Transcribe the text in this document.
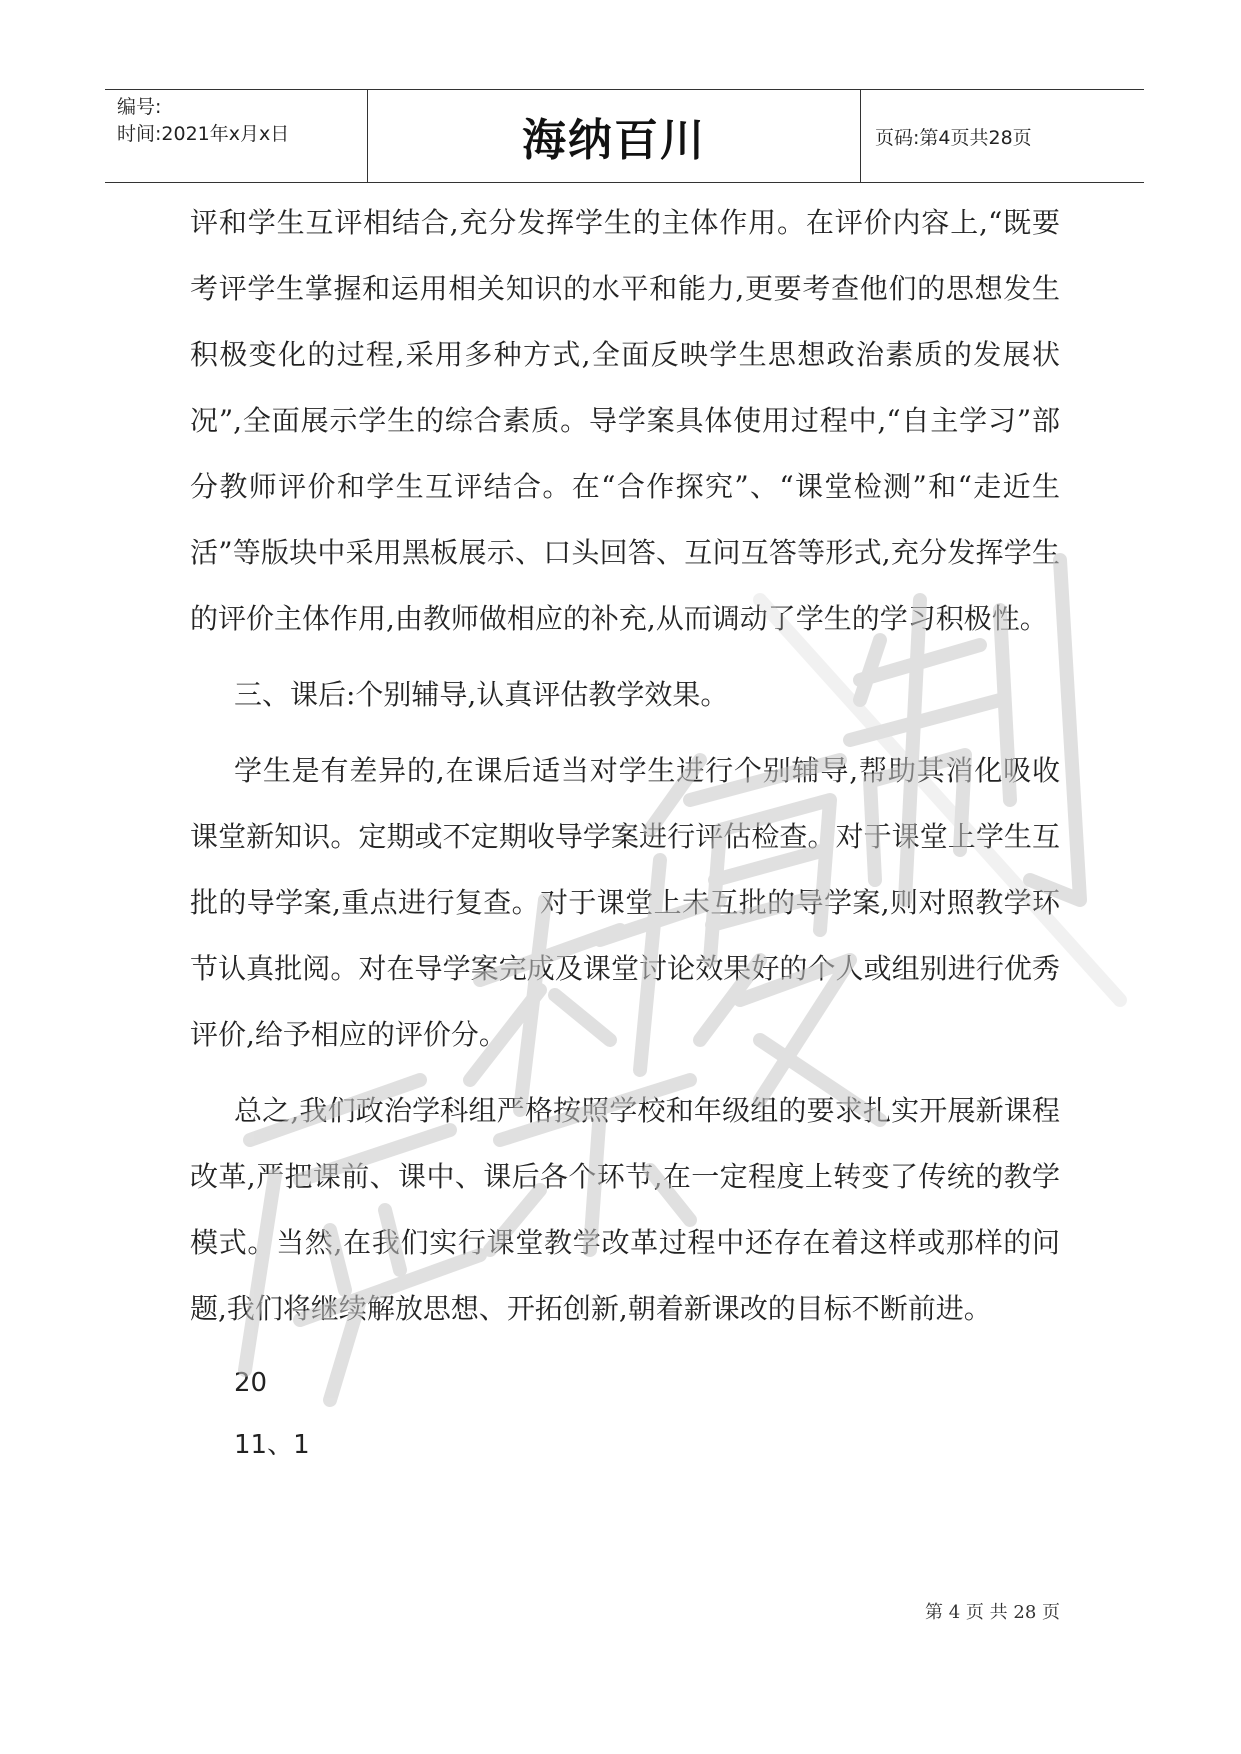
编号:
时间:2021年x月x日	海纳百川	页码:第4页共28页

评和学生互评相结合,充分发挥学生的主体作用。在评价内容上,“既要考评学生掌握和运用相关知识的水平和能力,更要考查他们的思想发生积极变化的过程,采用多种方式,全面反映学生思想政治素质的发展状况”,全面展示学生的综合素质。导学案具体使用过程中,“自主学习”部分教师评价和学生互评结合。在“合作探究”、“课堂检测”和“走近生活”等版块中采用黑板展示、口头回答、互问互答等形式,充分发挥学生的评价主体作用,由教师做相应的补充,从而调动了学生的学习积极性。

三、课后:个别辅导,认真评估教学效果。

学生是有差异的,在课后适当对学生进行个别辅导,帮助其消化吸收课堂新知识。定期或不定期收导学案进行评估检查。对于课堂上学生互批的导学案,重点进行复查。对于课堂上未互批的导学案,则对照教学环节认真批阅。对在导学案完成及课堂讨论效果好的个人或组别进行优秀评价,给予相应的评价分。

总之,我们政治学科组严格按照学校和年级组的要求扎实开展新课程改革,严把课前、课中、课后各个环节,在一定程度上转变了传统的教学模式。当然,在我们实行课堂教学改革过程中还存在着这样或那样的问题,我们将继续解放思想、开拓创新,朝着新课改的目标不断前进。

20

11、1

第 4 页 共 28 页
